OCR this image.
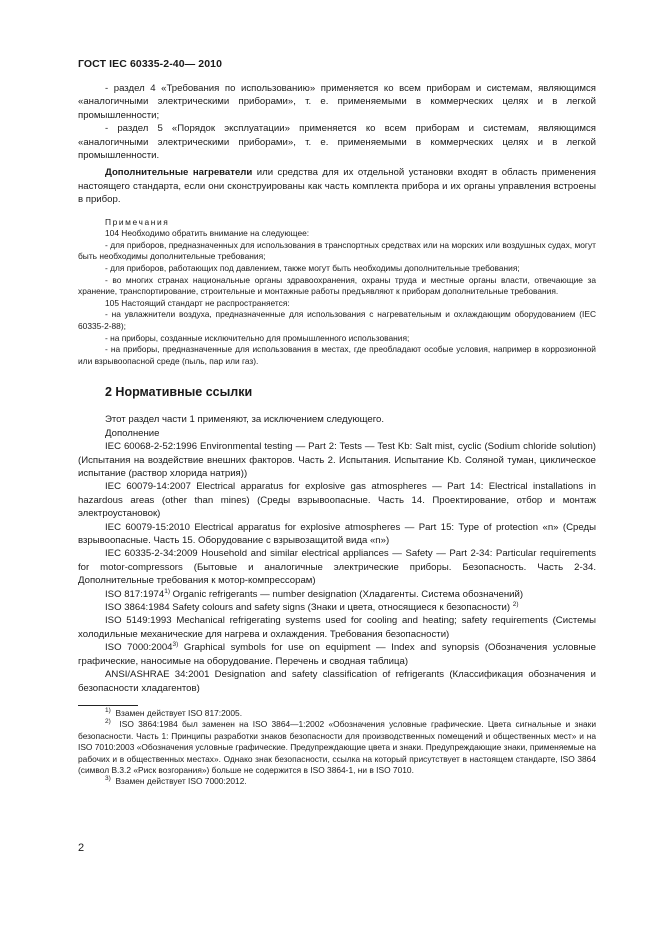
ГОСТ IEC 60335-2-40— 2010

- раздел 4 «Требования по использованию» применяется ко всем приборам и системам, являющимся «аналогичными электрическими приборами», т. е. применяемыми в коммерческих целях и в легкой промышленности;

- раздел 5 «Порядок эксплуатации» применяется ко всем приборам и системам, являющимся «аналогичными электрическими приборами», т. е. применяемыми в коммерческих целях и в легкой промышленности.

Дополнительные нагреватели или средства для их отдельной установки входят в область применения настоящего стандарта, если они сконструированы как часть комплекта прибора и их органы управления встроены в прибор.

Примечания

104 Необходимо обратить внимание на следующее:

- для приборов, предназначенных для использования в транспортных средствах или на морских или воздушных судах, могут быть необходимы дополнительные требования;

- для приборов, работающих под давлением, также могут быть необходимы дополнительные требования;

- во многих странах национальные органы здравоохранения, охраны труда и местные органы власти, отвечающие за хранение, транспортирование, строительные и монтажные работы предъявляют к приборам дополнительные требования.

105 Настоящий стандарт не распространяется:

- на увлажнители воздуха, предназначенные для использования с нагревательным и охлаждающим оборудованием (IEC 60335-2-88);

- на приборы, созданные исключительно для промышленного использования;

- на приборы, предназначенные для использования в местах, где преобладают особые условия, например в коррозионной или взрывоопасной среде (пыль, пар или газ).

2 Нормативные ссылки

Этот раздел части 1 применяют, за исключением следующего.

Дополнение

IEC 60068-2-52:1996 Environmental testing — Part 2: Tests — Test Kb: Salt mist, cyclic (Sodium chloride solution) (Испытания на воздействие внешних факторов. Часть 2. Испытания. Испытание Kb. Соляной туман, циклическое испытание (раствор хлорида натрия))

IEC 60079-14:2007 Electrical apparatus for explosive gas atmospheres — Part 14: Electrical installations in hazardous areas (other than mines) (Среды взрывоопасные. Часть 14. Проектирование, отбор и монтаж электроустановок)

IEC 60079-15:2010 Electrical apparatus for explosive atmospheres — Part 15: Type of protection «n» (Среды взрывоопасные. Часть 15. Оборудование с взрывозащитой вида «n»)

IEC 60335-2-34:2009 Household and similar electrical appliances — Safety — Part 2-34: Particular requirements for motor-compressors (Бытовые и аналогичные электрические приборы. Безопасность. Часть 2-34. Дополнительные требования к мотор-компрессорам)

ISO 817:1974$^{1)}$ Organic refrigerants — number designation (Хладагенты. Система обозначений)

ISO 3864:1984 Safety colours and safety signs (Знаки и цвета, относящиеся к безопасности) $^{2)}$

ISO 5149:1993 Mechanical refrigerating systems used for cooling and heating; safety requirements (Системы холодильные механические для нагрева и охлаждения. Требования безопасности)

ISO 7000:2004$^{3)}$ Graphical symbols for use on equipment — Index and synopsis (Обозначения условные графические, наносимые на оборудование. Перечень и сводная таблица)

ANSI/ASHRAE 34:2001 Designation and safety classification of refrigerants (Классификация обозначения и безопасности хладагентов)

$^{1)}$ Взамен действует ISO 817:2005.

$^{2)}$ ISO 3864:1984 был заменен на ISO 3864—1:2002 «Обозначения условные графические. Цвета сигнальные и знаки безопасности. Часть 1: Принципы разработки знаков безопасности для производственных помещений и общественных мест» и на ISO 7010:2003 «Обозначения условные графические. Предупреждающие цвета и знаки. Предупреждающие знаки, применяемые на рабочих и в общественных местах». Однако знак безопасности, ссылка на который присутствует в настоящем стандарте, ISO 3864 (символ В.3.2 «Риск возгорания») больше не содержится в ISO 3864-1, ни в ISO 7010.

$^{3)}$ Взамен действует ISO 7000:2012.

2
